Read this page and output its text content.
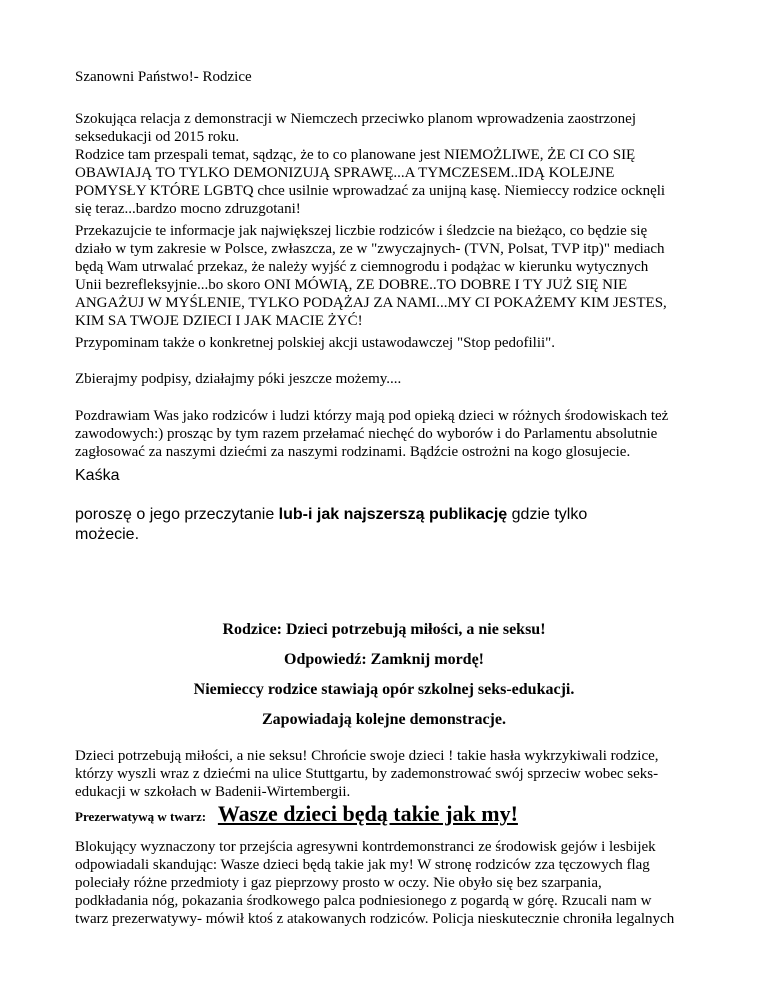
Szanowni Państwo!- Rodzice

Szokująca relacja z demonstracji w Niemczech przeciwko planom wprowadzenia zaostrzonej
seksedukacji od 2015 roku.
Rodzice tam przespali temat, sądząc, że to co planowane jest NIEMOŻLIWE, ŻE CI CO SIĘ
OBAWIAJĄ TO TYLKO DEMONIZUJĄ SPRAWĘ...A TYMCZESEM..IDĄ KOLEJNE
POMYSŁY KTÓRE LGBTQ chce usilnie wprowadzać za unijną kasę. Niemieccy rodzice ocknęli
się teraz...bardzo mocno zdruzgotani!

Przekazujcie te informacje jak największej liczbie rodziców i śledzcie na bieżąco, co będzie się
działo w tym zakresie w Polsce, zwłaszcza, ze w "zwyczajnych- (TVN, Polsat, TVP itp)" mediach
będą Wam utrwalać przekaz, że należy wyjść z ciemnogrodu i podążac w kierunku wytycznych
Unii bezrefleksyjnie...bo skoro ONI MÓWIĄ, ZE DOBRE..TO DOBRE I TY JUŻ SIĘ NIE
ANGAŻUJ W MYŚLENIE, TYLKO PODĄŻAJ ZA NAMI...MY CI POKAŻEMY KIM JESTES,
KIM SA TWOJE DZIECI I JAK MACIE ŻYĆ!

Przypominam także o konkretnej polskiej akcji ustawodawczej "Stop pedofilii".

Zbierajmy podpisy, działajmy póki jeszcze możemy....

Pozdrawiam Was jako rodziców i ludzi którzy mają pod opieką dzieci w różnych środowiskach też
zawodowych:) prosząc by tym razem przełamać niechęć do wyborów i do Parlamentu absolutnie
zagłosować za naszymi dziećmi za naszymi rodzinami. Bądźcie ostrożni na kogo glosujecie.

Kaśka

poroszę o jego przeczytanie lub-i jak najszerszą publikację gdzie tylko
możecie.

Rodzice: Dzieci potrzebują miłości, a nie seksu!

Odpowiedź: Zamknij mordę!

Niemieccy rodzice stawiają opór szkolnej seks-edukacji.

Zapowiadają kolejne demonstracje.

Dzieci potrzebują miłości, a nie seksu! Chrońcie swoje dzieci ! takie hasła wykrzykiwali rodzice,
którzy wyszli wraz z dziećmi na ulice Stuttgartu, by zademonstrować swój sprzeciw wobec seks-
edukacji w szkołach w Badenii-Wirtembergii.

Prezerwatywą w twarz: Wasze dzieci będą takie jak my!

Blokujący wyznaczony tor przejścia agresywni kontrdemonstranci ze środowisk gejów i lesbijek
odpowiadali skandując: Wasze dzieci będą takie jak my! W stronę rodziców zza tęczowych flag
poleciały różne przedmioty i gaz pieprzowy prosto w oczy. Nie obyło się bez szarpania,
podkładania nóg, pokazania środkowego palca podniesionego z pogardą w górę. Rzucali nam w
twarz prezerwatywy- mówił ktoś z atakowanych rodziców. Policja nieskutecznie chroniła legalnych
